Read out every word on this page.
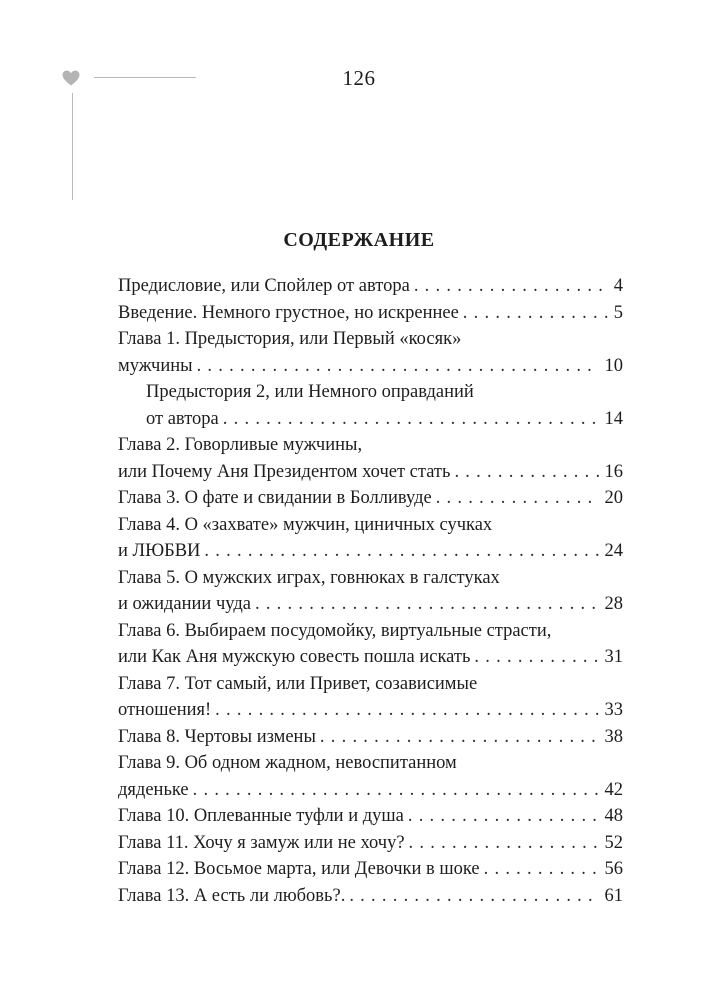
126
СОДЕРЖАНИЕ
Предисловие, или Спойлер от автора . . .	4
Введение. Немного грустное, но искреннее . . .	5
Глава 1. Предыстория, или Первый «косяк»
мужчины . . .	10
Предыстория 2, или Немного оправданий
от автора . . .	14
Глава 2. Говорливые мужчины,
или Почему Аня Президентом хочет стать . . .	16
Глава 3. О фате и свидании в Болливуде . . .	20
Глава 4. О «захвате» мужчин, циничных сучках
и ЛЮБВИ . . .	24
Глава 5. О мужских играх, говнюках в галстуках
и ожидании чуда . . .	28
Глава 6. Выбираем посудомойку, виртуальные страсти,
или Как Аня мужскую совесть пошла искать . . .	31
Глава 7. Тот самый, или Привет, созависимые
отношения! . . .	33
Глава 8. Чертовы измены . . .	38
Глава 9. Об одном жадном, невоспитанном
дяденьке . . .	42
Глава 10. Оплеванные туфли и душа . . .	48
Глава 11. Хочу я замуж или не хочу? . . .	52
Глава 12. Восьмое марта, или Девочки в шоке . . .	56
Глава 13. А есть ли любовь?. . . .	61
